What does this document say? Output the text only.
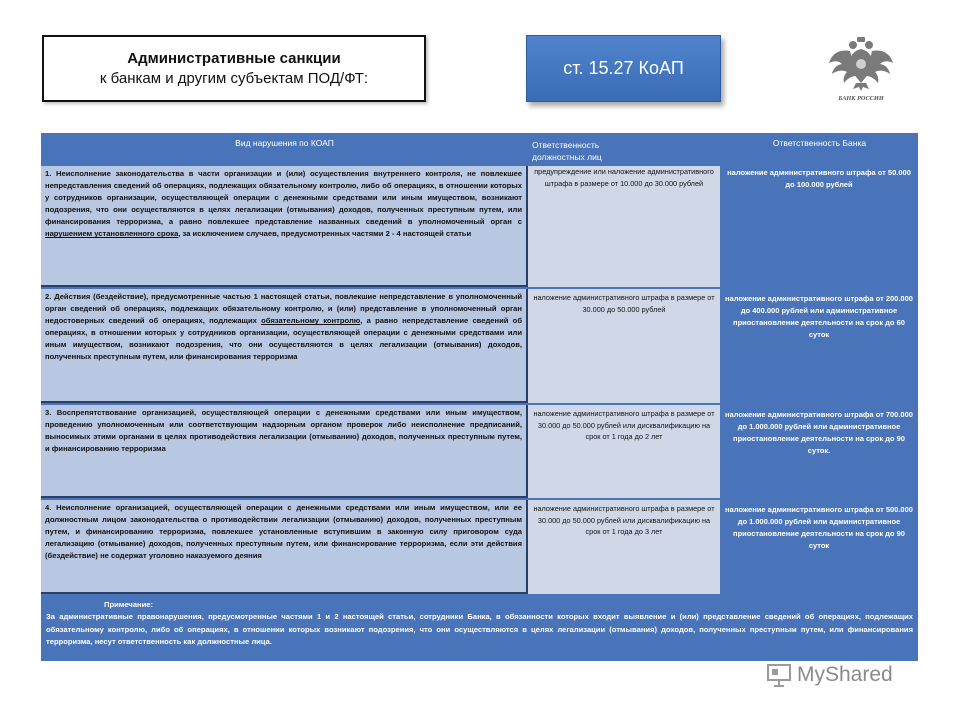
Административные санкции
к банкам и другим субъектам ПОД/ФТ:
ст. 15.27 КоАП
БАНК РОССИИ
Вид нарушения по КОАП	Ответственность должностных лиц
Ответственность Банка
1. Неисполнение законодательства в части организации и (или) осуществления внутреннего контроля, не повлекшее непредставления сведений об операциях, подлежащих обязательному контролю, либо об операциях, в отношении которых у сотрудников организации, осуществляющей операции с денежными средствами или иным имуществом, возникают подозрения, что они осуществляются в целях легализации (отмывания) доходов, полученных преступным путем, или финансирования терроризма, а равно повлекшее представление названных сведений в уполномоченный орган с нарушением установленного срока, за исключением случаев, предусмотренных частями 2 - 4 настоящей статьи
предупреждение или наложение административного штрафа в размере от 10.000 до 30.000 рублей
наложение административного штрафа от 50.000 до 100.000 рублей
2. Действия (бездействие), предусмотренные частью 1 настоящей статьи, повлекшие непредставление в уполномоченный орган сведений об операциях, подлежащих обязательному контролю, и (или) представление в уполномоченный орган недостоверных сведений об операциях, подлежащих обязательному контролю, а равно непредставление сведений об операциях, в отношении которых у сотрудников организации, осуществляющей операции с денежными средствами или иным имуществом, возникают подозрения, что они осуществляются в целях легализации (отмывания) доходов, полученных преступным путем, или финансирования терроризма
наложение административного штрафа в размере от 30.000 до 50.000 рублей
наложение административного штрафа от 200.000 до 400.000 рублей или административное приостановление деятельности на срок до 60 суток
3. Воспрепятствование организацией, осуществляющей операции с денежными средствами или иным имуществом, проведению уполномоченным или соответствующим надзорным органом проверок либо неисполнение предписаний, выносимых этими органами в целях противодействия легализации (отмыванию) доходов, полученных преступным путем, и финансированию терроризма
наложение административного штрафа в размере от 30.000 до 50.000 рублей или дисквалификацию на срок от 1 года до 2 лет
наложение административного штрафа от 700.000 до 1.000.000 рублей или административное приостановление деятельности на срок до 90 суток.
4. Неисполнение организацией, осуществляющей операции с денежными средствами или иным имуществом, или ее должностным лицом законодательства о противодействии легализации (отмыванию) доходов, полученных преступным путем, и финансированию терроризма, повлекшее установленные вступившим в законную силу приговором суда легализацию (отмывание) доходов, полученных преступным путем, или финансирование терроризма, если эти действия (бездействие) не содержат уголовно наказуемого деяния
наложение административного штрафа в размере от 30.000 до 50.000 рублей или дисквалификацию на срок от 1 года до 3 лет
наложение административного штрафа от 500.000 до 1.000.000 рублей или административное приостановление деятельности на срок до 90 суток
Примечание:
За административные правонарушения, предусмотренные частями 1 и 2 настоящей статьи, сотрудники Банка, в обязанности которых входит выявление и (или) представление сведений об операциях, подлежащих обязательному контролю, либо об операциях, в отношении которых возникают подозрения, что они осуществляются в целях легализации (отмывания) доходов, полученных преступным путем, или финансирования терроризма, несут ответственность как должностные лица.
MyShared
